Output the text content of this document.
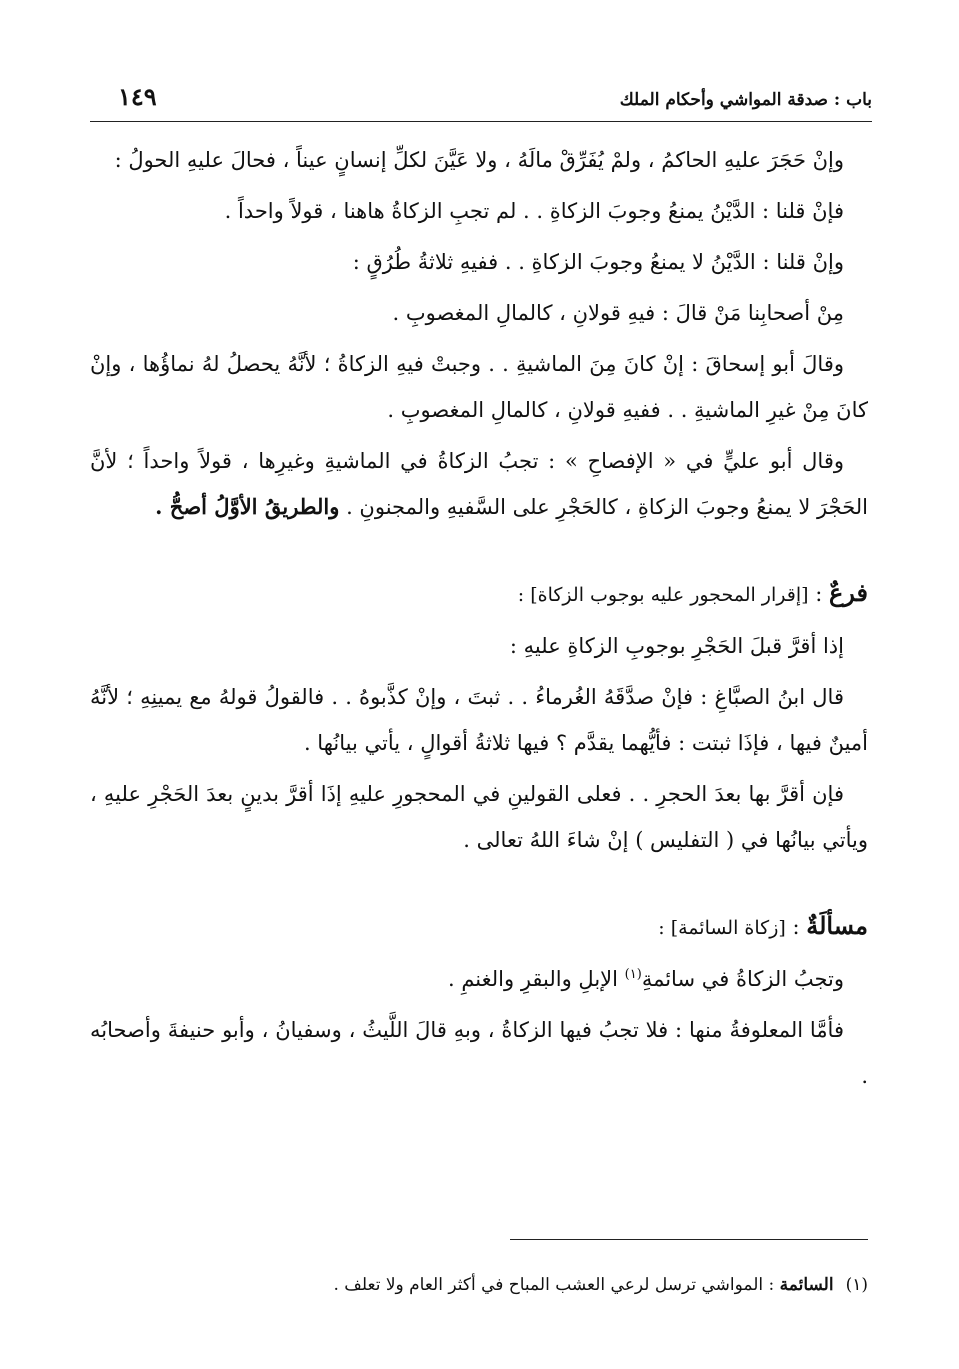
باب : صدقة المواشي وأحكام الملك
١٤٩

وإنْ حَجَرَ عليهِ الحاكمُ ، ولمْ يُفَرِّقْ مالَهُ ، ولا عَيَّنَ لكلِّ إنسانٍ عيناً ، فحالَ عليهِ الحولُ :

فإنْ قلنا : الدَّيْنُ يمنعُ وجوبَ الزكاةِ . . لم تجبِ الزكاةُ هاهنا ، قولاً واحداً .

وإنْ قلنا : الدَّيْنُ لا يمنعُ وجوبَ الزكاةِ . . ففيهِ ثلاثةُ طُرُقٍ :

مِنْ أصحابِنا مَنْ قالَ : فيهِ قولانِ ، كالمالِ المغصوبِ .

وقالَ أبو إسحاقَ : إنْ كانَ مِنَ الماشيةِ . . وجبتْ فيهِ الزكاةُ ؛ لأنَّهُ يحصلُ لهُ نماؤُها ، وإنْ كانَ مِنْ غيرِ الماشيةِ . . ففيهِ قولانِ ، كالمالِ المغصوبِ .

وقال أبو عليٍّ في « الإفصاحِ » : تجبُ الزكاةُ في الماشيةِ وغيرِها ، قولاً واحداً ؛ لأنَّ الحَجْرَ لا يمنعُ وجوبَ الزكاةِ ، كالحَجْرِ على السَّفيهِ والمجنونِ . والطريقُ الأوَّلُ أصحُّ .

فرعٌ : [إقرار المحجور عليه بوجوب الزكاة] :

إذا أقرَّ قبلَ الحَجْرِ بوجوبِ الزكاةِ عليهِ :

قال ابنُ الصبَّاغِ : فإنْ صدَّقَهُ الغُرماءُ . . ثبتَ ، وإنْ كذَّبوهُ . . فالقولُ قولهُ مع يمينِهِ ؛ لأنَّهُ أمينٌ فيها ، فإذَا ثبتت : فأيُّهما يقدَّم ؟ فيها ثلاثةُ أقوالٍ ، يأتي بيانُها .

فإن أقرَّ بها بعدَ الحجرِ . . فعلى القولينِ في المحجورِ عليهِ إذَا أقرَّ بدينٍ بعدَ الحَجْرِ عليهِ ، ويأتي بيانُها في ( التفليس ) إنْ شاءَ اللهُ تعالى .

مسألَةٌ : [زكاة السائمة] :

وتجبُ الزكاةُ في سائمةِ$^{(١)}$ الإبلِ والبقرِ والغنمِ .

فأمَّا المعلوفةُ منها : فلا تجبُ فيها الزكاةُ ، وبهِ قالَ اللَّيثُ ، وسفيانُ ، وأبو حنيفةَ وأصحابُه .

(١)السائمة : المواشي ترسل لرعي العشب المباح في أكثر العام ولا تعلف .
